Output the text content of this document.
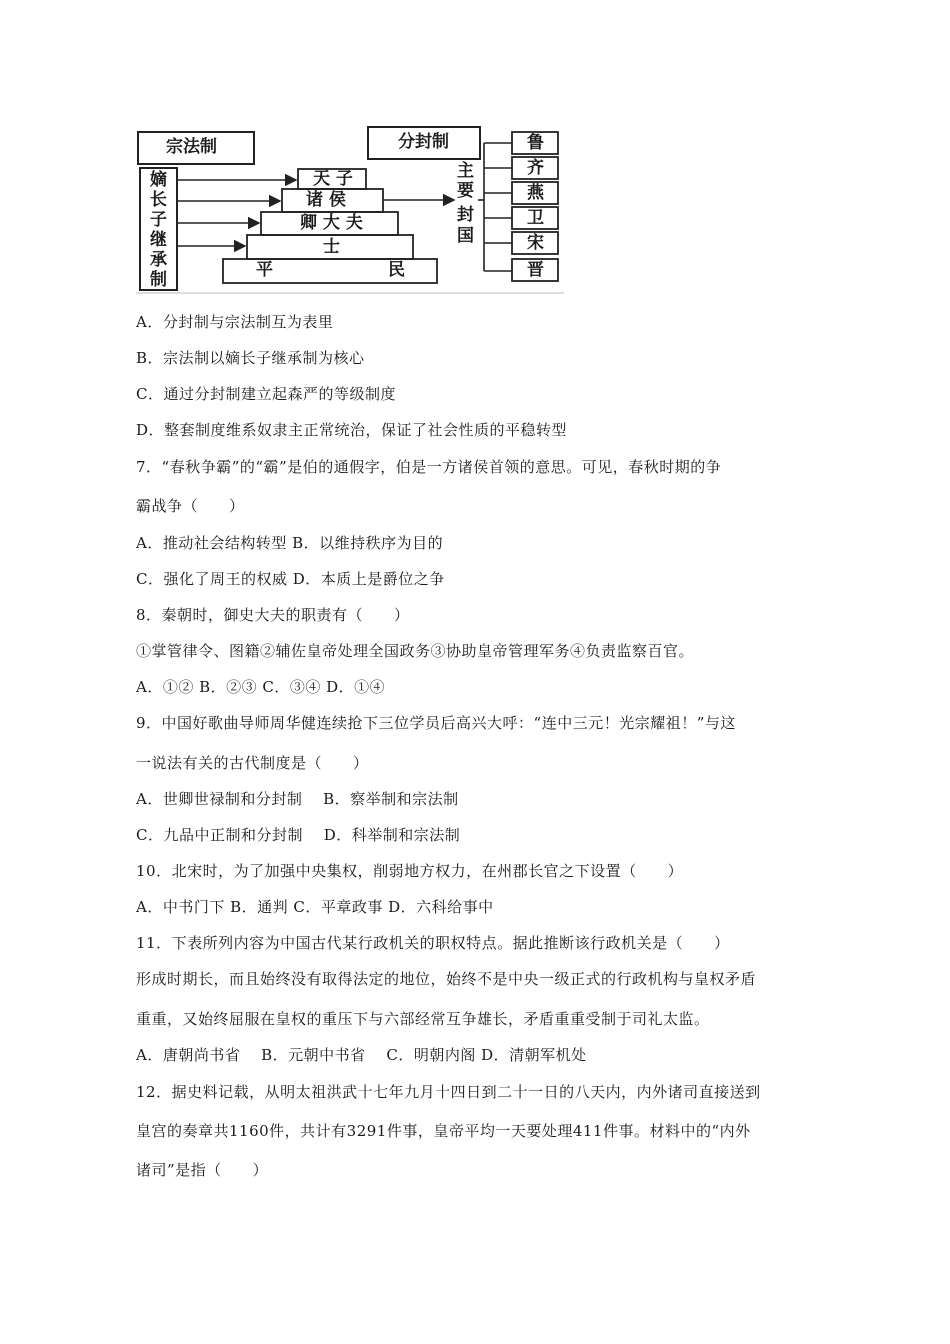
宗法制	分封制
嫡
长
子
继
承
制
天 子
诸 侯
卿 大 夫
士
平	民
主
要
封
国
鲁
齐
燕
卫
宋
晋
A．分封制与宗法制互为表里
B．宗法制以嫡长子继承制为核心
C．通过分封制建立起森严的等级制度
D．整套制度维系奴隶主正常统治，保证了社会性质的平稳转型
7．“春秋争霸”的“霸”是伯的通假字，伯是一方诸侯首领的意思。可见，春秋时期的争
霸战争（　　）
A．推动社会结构转型 B．以维持秩序为目的
C．强化了周王的权威 D．本质上是爵位之争
8．秦朝时，御史大夫的职责有（　　）
①掌管律令、图籍②辅佐皇帝处理全国政务③协助皇帝管理军务④负责监察百官。
A．①② B．②③ C．③④ D．①④
9．中国好歌曲导师周华健连续抢下三位学员后高兴大呼：“连中三元！光宗耀祖！”与这
一说法有关的古代制度是（　　）
A．世卿世禄制和分封制　 B．察举制和宗法制
C．九品中正制和分封制　 D．科举制和宗法制
10．北宋时，为了加强中央集权，削弱地方权力，在州郡长官之下设置（　　）
A．中书门下 B．通判 C．平章政事 D．六科给事中
11．下表所列内容为中国古代某行政机关的职权特点。据此推断该行政机关是（　　）
形成时期长，而且始终没有取得法定的地位，始终不是中央一级正式的行政机构与皇权矛盾
重重，又始终屈服在皇权的重压下与六部经常互争雄长，矛盾重重受制于司礼太监。
A．唐朝尚书省　 B．元朝中书省　 C．明朝内阁 D．清朝军机处
12．据史料记载，从明太祖洪武十七年九月十四日到二十一日的八天内，内外诸司直接送到
皇宫的奏章共1160件，共计有3291件事，皇帝平均一天要处理411件事。材料中的“内外
诸司”是指（　　）
